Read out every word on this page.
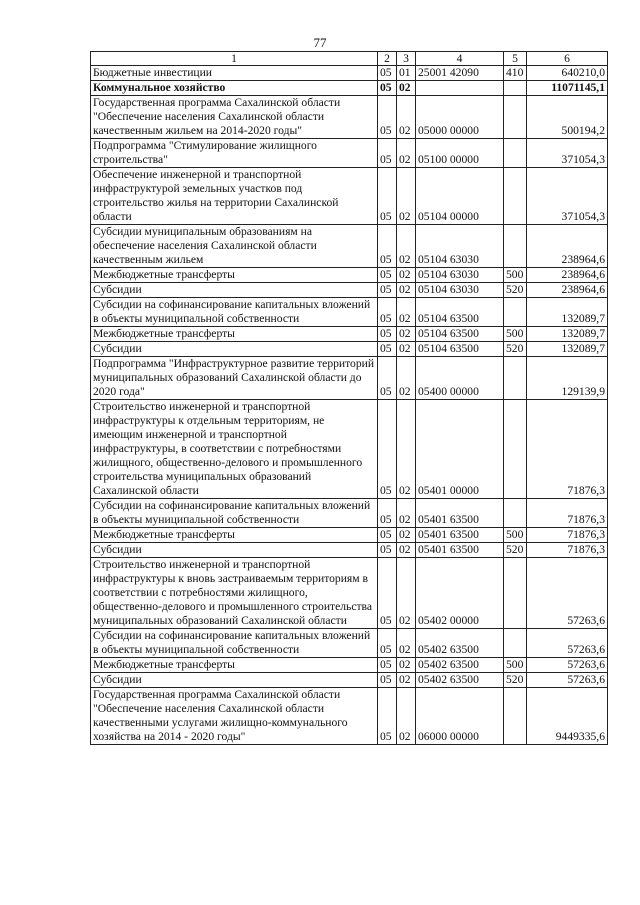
77
1	2	3	4	5	6
Бюджетные инвестиции	05	01	25001 42090	410	640210,0
Коммунальное хозяйство	05	02			11071145,1
Государственная программа Сахалинской области "Обеспечение населения Сахалинской области качественным жильем на 2014-2020 годы"	05	02	05000 00000		500194,2
Подпрограмма "Стимулирование жилищного строительства"	05	02	05100 00000		371054,3
Обеспечение инженерной и транспортной инфраструктурой земельных участков под строительство жилья на территории Сахалинской области	05	02	05104 00000		371054,3
Субсидии муниципальным образованиям на обеспечение населения Сахалинской области качественным жильем	05	02	05104 63030		238964,6
Межбюджетные трансферты	05	02	05104 63030	500	238964,6
Субсидии	05	02	05104 63030	520	238964,6
Субсидии на софинансирование капитальных вложений в объекты муниципальной собственности	05	02	05104 63500		132089,7
Межбюджетные трансферты	05	02	05104 63500	500	132089,7
Субсидии	05	02	05104 63500	520	132089,7
Подпрограмма "Инфраструктурное развитие территорий муниципальных образований Сахалинской области до 2020 года"	05	02	05400 00000		129139,9
Строительство инженерной и транспортной инфраструктуры к отдельным территориям, не имеющим инженерной и транспортной инфраструктуры, в соответствии с потребностями жилищного, общественно-делового и промышленного строительства муниципальных образований Сахалинской области	05	02	05401 00000		71876,3
Субсидии на софинансирование капитальных вложений в объекты муниципальной собственности	05	02	05401 63500		71876,3
Межбюджетные трансферты	05	02	05401 63500	500	71876,3
Субсидии	05	02	05401 63500	520	71876,3
Строительство инженерной и транспортной инфраструктуры к вновь застраиваемым территориям в соответствии с потребностями жилищного, общественно-делового и промышленного строительства муниципальных образований Сахалинской области	05	02	05402 00000		57263,6
Субсидии на софинансирование капитальных вложений в объекты муниципальной собственности	05	02	05402 63500		57263,6
Межбюджетные трансферты	05	02	05402 63500	500	57263,6
Субсидии	05	02	05402 63500	520	57263,6
Государственная программа Сахалинской области "Обеспечение населения Сахалинской области качественными услугами жилищно-коммунального хозяйства на 2014 - 2020 годы"	05	02	06000 00000		9449335,6
